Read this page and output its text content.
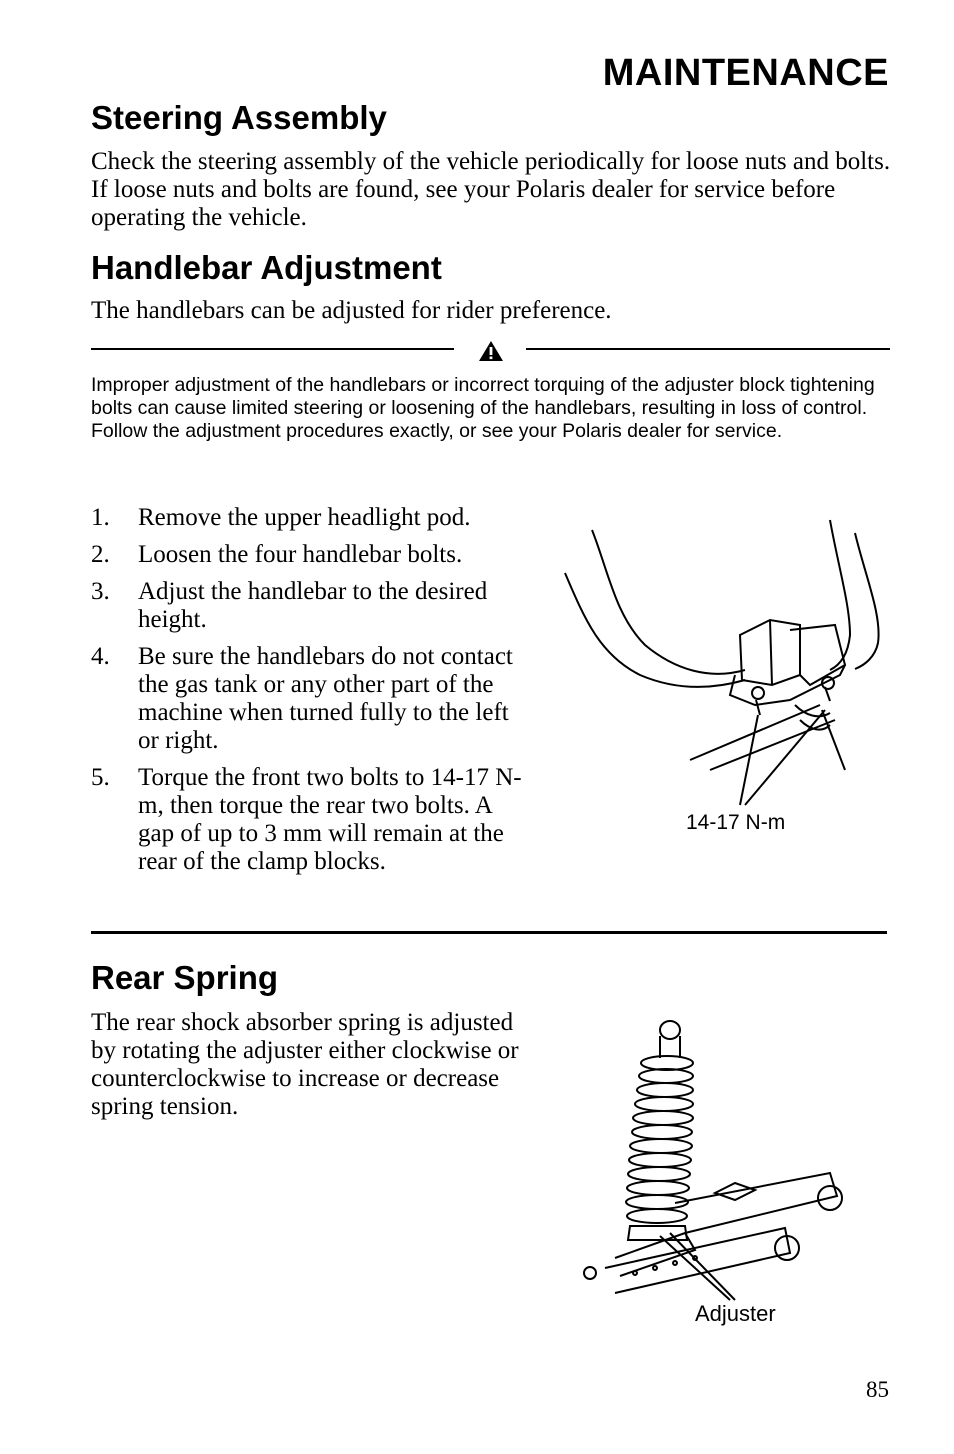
MAINTENANCE
Steering Assembly
Check the steering assembly of the vehicle periodically for loose nuts and bolts. If loose nuts and bolts are found, see your Polaris dealer for service before operating the vehicle.
Handlebar Adjustment
The handlebars can be adjusted for rider preference.
Improper adjustment of the handlebars or incorrect torquing of the adjuster block tightening bolts can cause limited steering or loosening of the handlebars, resulting in loss of control. Follow the adjustment procedures exactly, or see your Polaris dealer for service.
1. Remove the upper headlight pod.
2. Loosen the four handlebar bolts.
3. Adjust the handlebar to the desired height.
4. Be sure the handlebars do not contact the gas tank or any other part of the machine when turned fully to the left or right.
5. Torque the front two bolts to 14-17 N-m, then torque the rear two bolts. A gap of up to 3 mm will remain at the rear of the clamp blocks.
14-17 N-m
Rear Spring
The rear shock absorber spring is adjusted by rotating the adjuster either clockwise or counterclockwise to increase or decrease spring tension.
Adjuster
85
